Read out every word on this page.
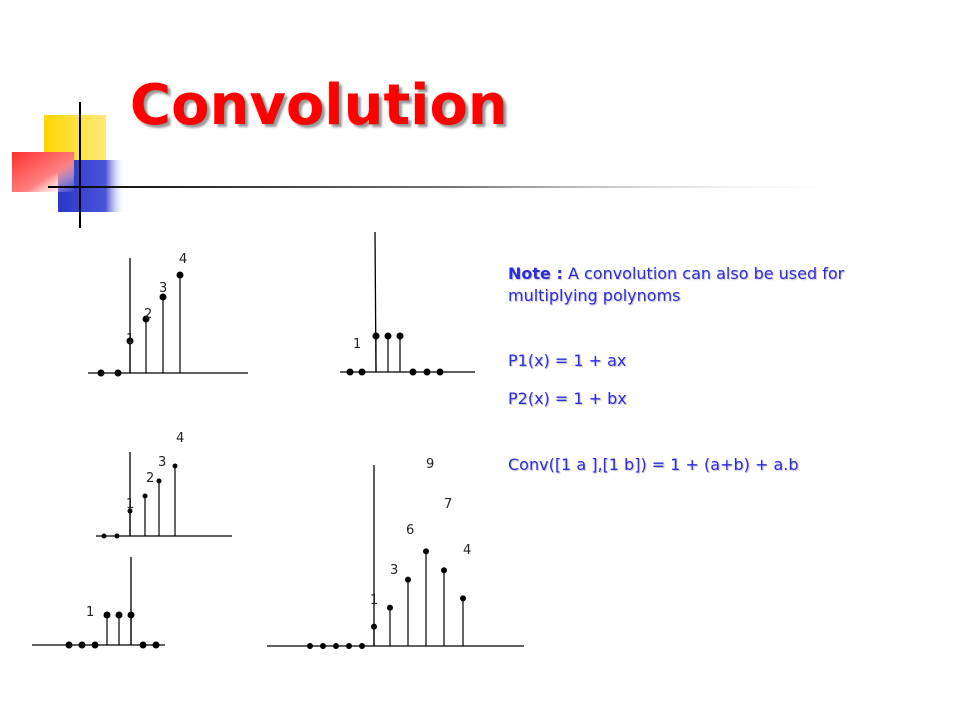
1
2
3
4
1
1
2
3
4
1
1
3
6
9
7
4
Convolution
Note : A convolution can also be used for multiplying polynoms
P1(x) = 1 + ax
P2(x) = 1 + bx
Conv([1 a ],[1 b]) = 1 + (a+b) + a.b
